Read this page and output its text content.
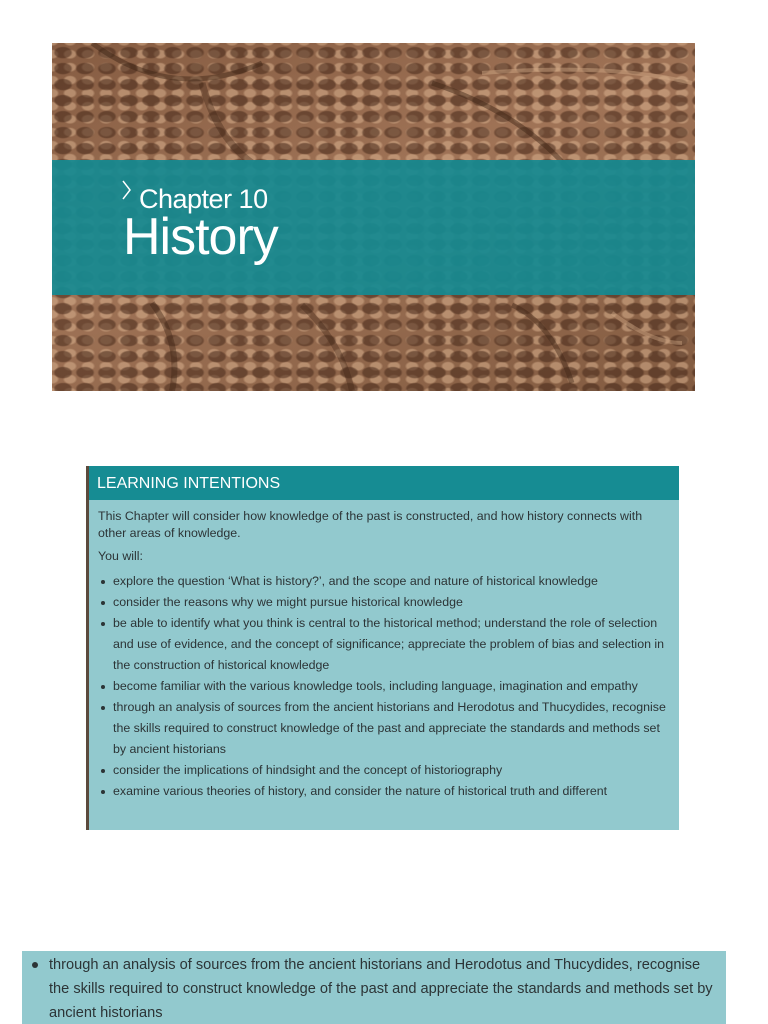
Chapter 10
History
LEARNING INTENTIONS

This Chapter will consider how knowledge of the past is constructed, and how history connects with other areas of knowledge.

You will:

explore the question ‘What is history?’, and the scope and nature of historical knowledge
consider the reasons why we might pursue historical knowledge
be able to identify what you think is central to the historical method; understand the role of selection and use of evidence, and the concept of significance; appreciate the problem of bias and selection in the construction of historical knowledge
become familiar with the various knowledge tools, including language, imagination and empathy
through an analysis of sources from the ancient historians and Herodotus and Thucydides, recognise the skills required to construct knowledge of the past and appreciate the standards and methods set by ancient historians
consider the implications of hindsight and the concept of historiography
examine various theories of history, and consider the nature of historical truth and different

through an analysis of sources from the ancient historians and Herodotus and Thucydides, recognise the skills required to construct knowledge of the past and appreciate the standards and methods set by ancient historians
